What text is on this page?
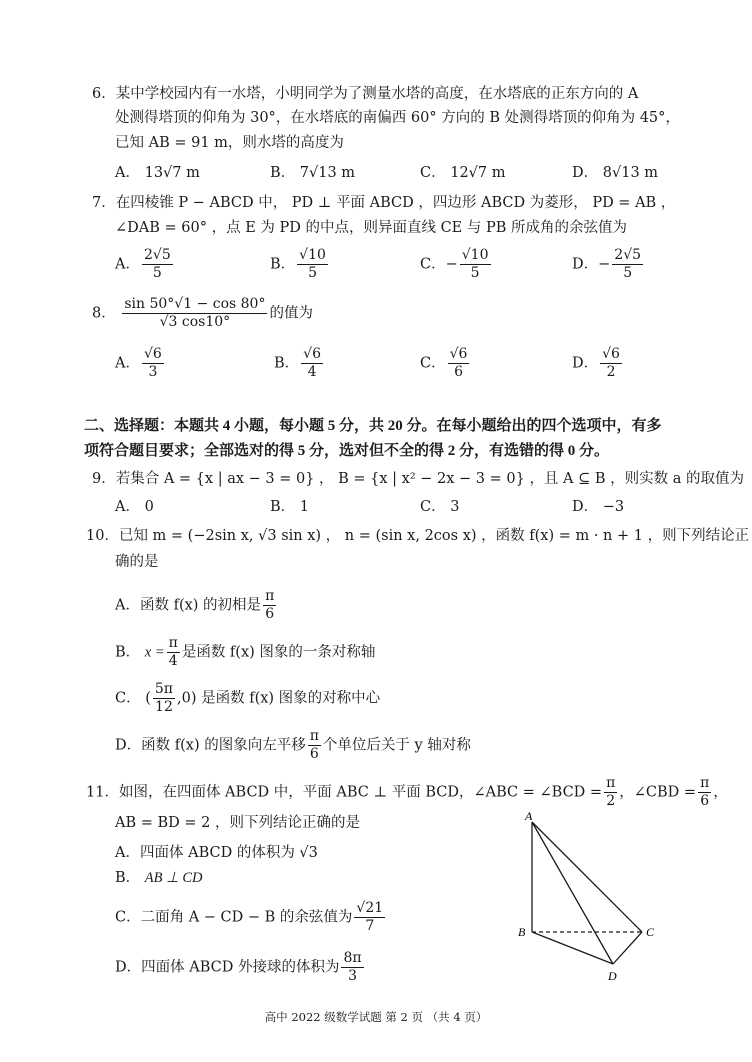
6．某中学校园内有一水塔，小明同学为了测量水塔的高度，在水塔底的正东方向的 A
处测得塔顶的仰角为 30°，在水塔底的南偏西 60° 方向的 B 处测得塔顶的仰角为 45°，
已知 AB = 91 m，则水塔的高度为
A． 13√7 m	B． 7√13 m	C． 12√7 m	D． 8√13 m
7．在四棱锥 P − ABCD 中， PD ⊥ 平面 ABCD ，四边形 ABCD 为菱形， PD = AB ，
∠DAB = 60° ，点 E 为 PD 的中点，则异面直线 CE 与 PB 所成角的余弦值为
A． $\frac{2√5}{5}$	B． $\frac{√10}{5}$	C．− $\frac{√10}{5}$	D．− $\frac{2√5}{5}$
8． $\frac{\sin 50^\circ√1 - \cos 80^\circ}{√3 \cos 10^\circ}$ 的值为
A． $\frac{√6}{3}$	B． $\frac{√6}{4}$	C． $\frac{√6}{6}$	D． $\frac{√6}{2}$
二、选择题：本题共 4 小题，每小题 5 分，共 20 分。在每小题给出的四个选项中，有多
项符合题目要求；全部选对的得 5 分，选对但不全的得 2 分，有选错的得 0 分。
9．若集合 A = {x | ax − 3 = 0} ， B = {x | x² − 2x − 3 = 0} ，且 A ⊆ B ，则实数 a 的取值为
A． 0	B． 1	C． 3	D． −3
10．已知 m = (−2sin x, √3 sin x) ， n = (sin x, 2cos x) ，函数 f(x) = m · n + 1 ，则下列结论正
确的是
A．函数 f(x) 的初相是 $\frac{\pi}{6}$
B． $x = \frac{\pi}{4}$ 是函数 f(x) 图象的一条对称轴
C． ( $\frac{5\pi}{12} ,0$) 是函数 f(x) 图象的对称中心
D．函数 f(x) 的图象向左平移 $\frac{\pi}{6}$ 个单位后关于 y 轴对称
11．如图，在四面体 ABCD 中，平面 ABC ⊥ 平面 BCD，∠ABC = ∠BCD = $\frac{\pi}{2}$ ，∠CBD = $\frac{\pi}{6}$ ，
AB = BD = 2 ，则下列结论正确的是
A．四面体 ABCD 的体积为 √3
B． AB ⊥ CD
C．二面角 A − CD − B 的余弦值为 $\frac{√21}{7}$
D．四面体 ABCD 外接球的体积为 $\frac{8\pi}{3}$
A
B	C
D
高中 2022 级数学试题 第 2 页 （共 4 页）
